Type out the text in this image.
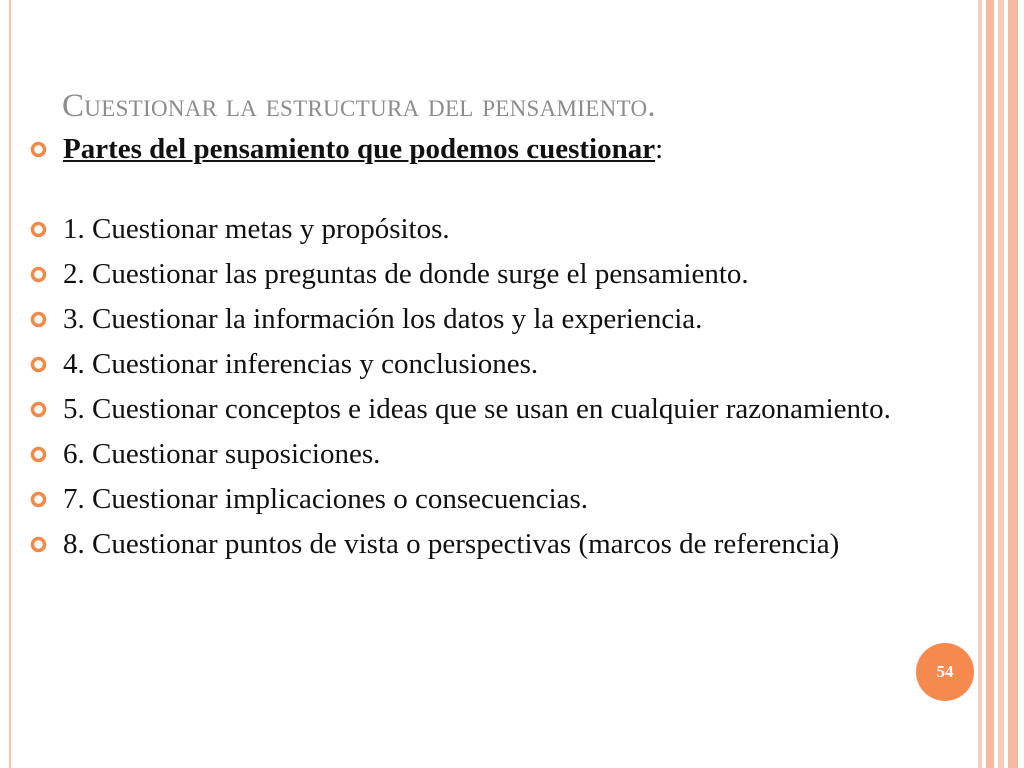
Cuestionar la estructura del pensamiento.
Partes del pensamiento que podemos cuestionar:
1. Cuestionar metas y propósitos.
2. Cuestionar las preguntas de donde surge el pensamiento.
3. Cuestionar la información los datos y la experiencia.
4. Cuestionar inferencias y conclusiones.
5. Cuestionar conceptos e ideas que se usan en cualquier razonamiento.
6. Cuestionar suposiciones.
7. Cuestionar implicaciones o consecuencias.
8. Cuestionar puntos de vista o perspectivas (marcos de referencia)
54
